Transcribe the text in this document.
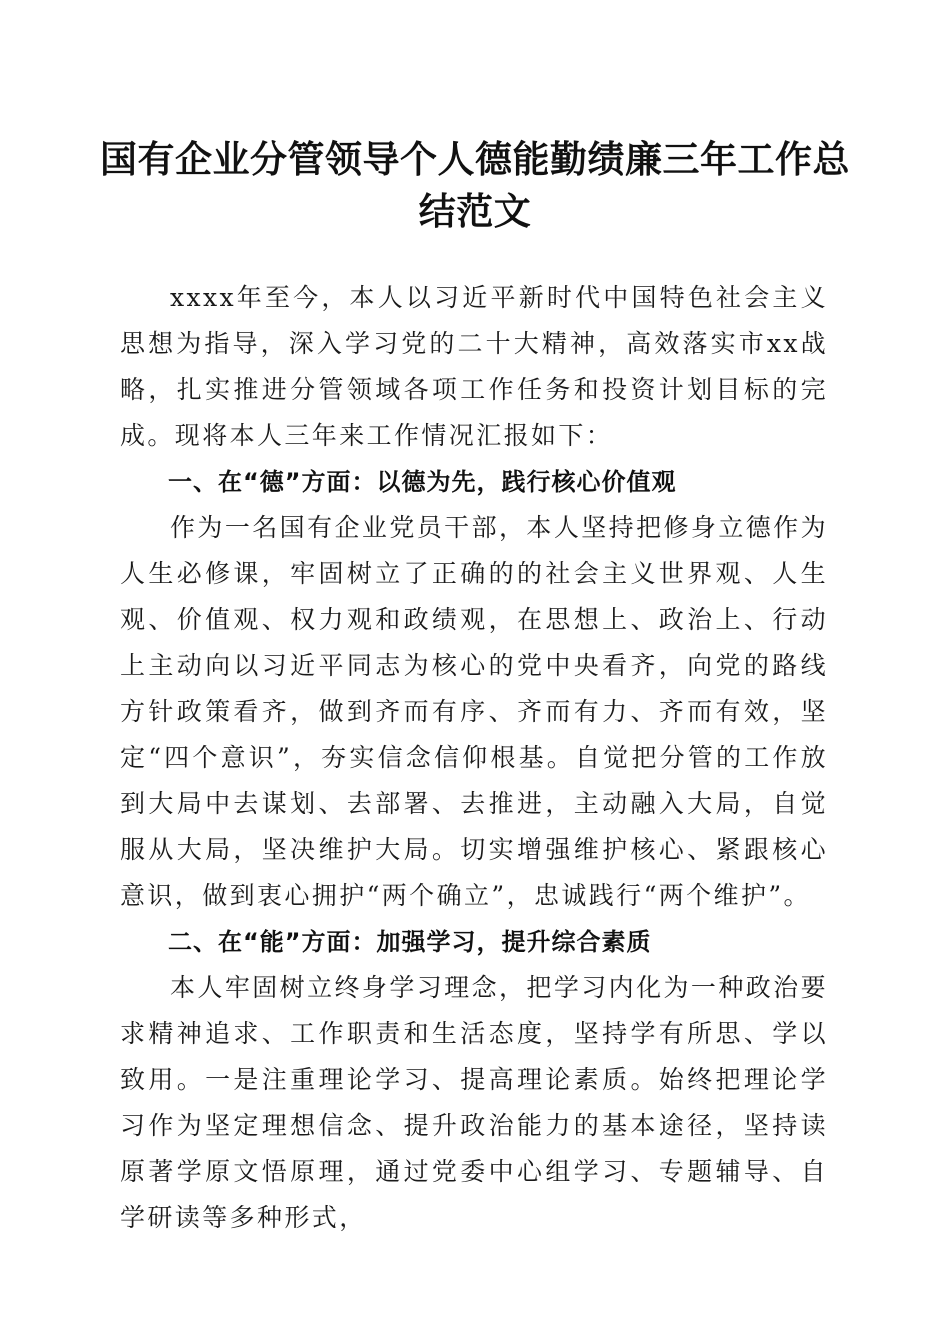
国有企业分管领导个人德能勤绩廉三年工作总结范文

xxxx年至今，本人以习近平新时代中国特色社会主义思想为指导，深入学习党的二十大精神，高效落实市xx战略，扎实推进分管领域各项工作任务和投资计划目标的完成。现将本人三年来工作情况汇报如下：

一、在“德”方面：以德为先，践行核心价值观

作为一名国有企业党员干部，本人坚持把修身立德作为人生必修课，牢固树立了正确的的社会主义世界观、人生观、价值观、权力观和政绩观，在思想上、政治上、行动上主动向以习近平同志为核心的党中央看齐，向党的路线方针政策看齐，做到齐而有序、齐而有力、齐而有效，坚定“四个意识”，夯实信念信仰根基。自觉把分管的工作放到大局中去谋划、去部署、去推进，主动融入大局，自觉服从大局，坚决维护大局。切实增强维护核心、紧跟核心意识，做到衷心拥护“两个确立”，忠诚践行“两个维护”。

二、在“能”方面：加强学习，提升综合素质

本人牢固树立终身学习理念，把学习内化为一种政治要求精神追求、工作职责和生活态度，坚持学有所思、学以致用。一是注重理论学习、提高理论素质。始终把理论学习作为坚定理想信念、提升政治能力的基本途径，坚持读原著学原文悟原理，通过党委中心组学习、专题辅导、自学研读等多种形式，
